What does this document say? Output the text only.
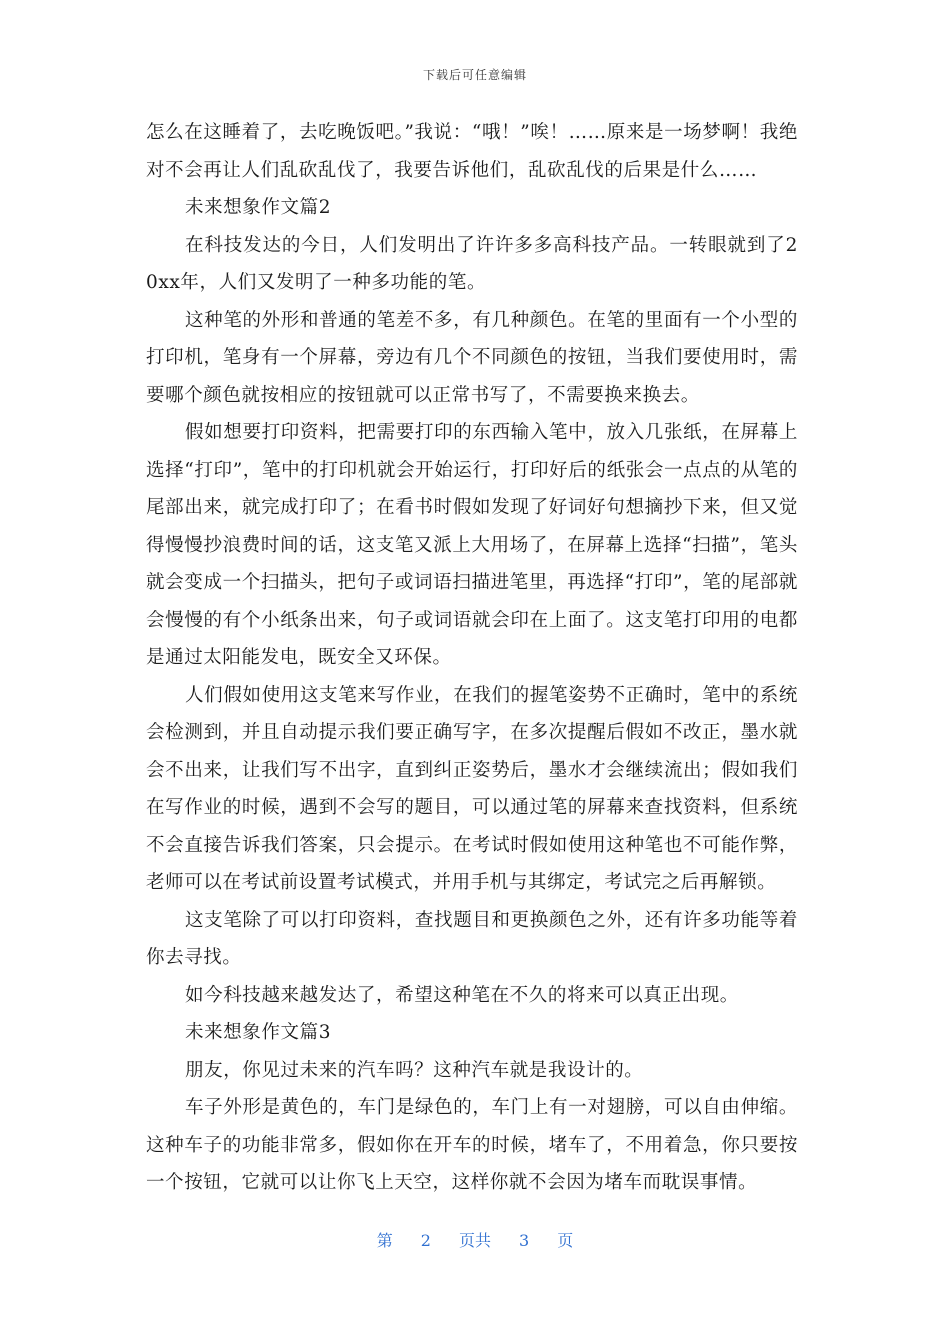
下载后可任意编辑

怎么在这睡着了，去吃晚饭吧。”我说：“哦！”唉！……原来是一场梦啊！我绝对不会再让人们乱砍乱伐了，我要告诉他们，乱砍乱伐的后果是什么……

未来想象作文篇2

在科技发达的今日，人们发明出了许许多多高科技产品。一转眼就到了20xx年，人们又发明了一种多功能的笔。

这种笔的外形和普通的笔差不多，有几种颜色。在笔的里面有一个小型的打印机，笔身有一个屏幕，旁边有几个不同颜色的按钮，当我们要使用时，需要哪个颜色就按相应的按钮就可以正常书写了，不需要换来换去。

假如想要打印资料，把需要打印的东西输入笔中，放入几张纸，在屏幕上选择“打印”，笔中的打印机就会开始运行，打印好后的纸张会一点点的从笔的尾部出来，就完成打印了；在看书时假如发现了好词好句想摘抄下来，但又觉得慢慢抄浪费时间的话，这支笔又派上大用场了，在屏幕上选择“扫描”，笔头就会变成一个扫描头，把句子或词语扫描进笔里，再选择“打印”，笔的尾部就会慢慢的有个小纸条出来，句子或词语就会印在上面了。这支笔打印用的电都是通过太阳能发电，既安全又环保。

人们假如使用这支笔来写作业，在我们的握笔姿势不正确时，笔中的系统会检测到，并且自动提示我们要正确写字，在多次提醒后假如不改正，墨水就会不出来，让我们写不出字，直到纠正姿势后，墨水才会继续流出；假如我们在写作业的时候，遇到不会写的题目，可以通过笔的屏幕来查找资料，但系统不会直接告诉我们答案，只会提示。在考试时假如使用这种笔也不可能作弊，老师可以在考试前设置考试模式，并用手机与其绑定，考试完之后再解锁。

这支笔除了可以打印资料，查找题目和更换颜色之外，还有许多功能等着你去寻找。

如今科技越来越发达了，希望这种笔在不久的将来可以真正出现。

未来想象作文篇3

朋友，你见过未来的汽车吗？这种汽车就是我设计的。

车子外形是黄色的，车门是绿色的，车门上有一对翅膀，可以自由伸缩。这种车子的功能非常多，假如你在开车的时候，堵车了，不用着急，你只要按一个按钮，它就可以让你飞上天空，这样你就不会因为堵车而耽误事情。

第 2 页共 3 页
